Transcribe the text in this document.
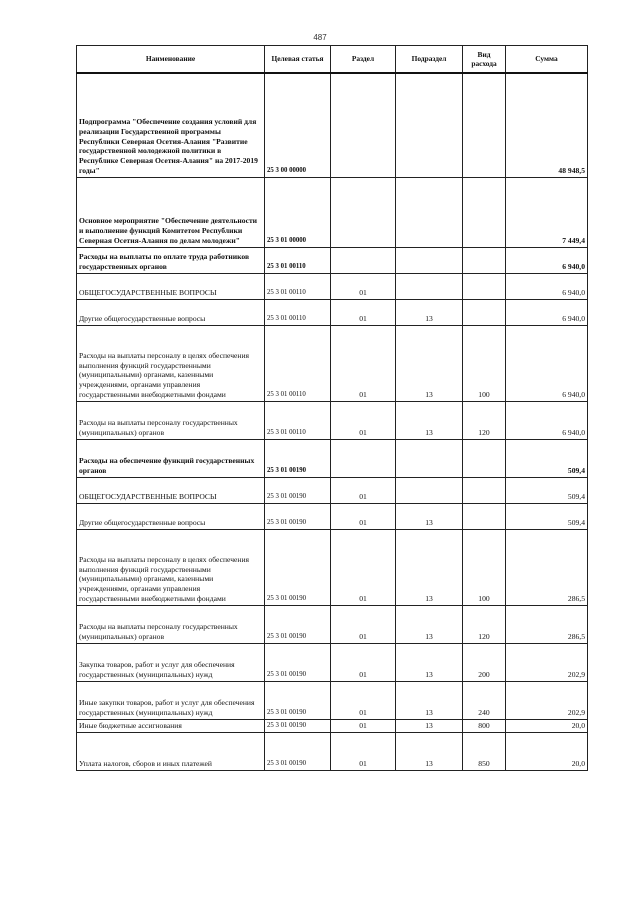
487
Наименование	Целевая статья	Раздел	Подраздел	Вид расхода	Сумма
Подпрограмма "Обеспечение создания условий для реализации Государственной программы Республики Северная Осетия-Алания "Развитие государственной молодежной политики в Республике Северная Осетия-Алания" на 2017-2019 годы"	25 3 00 00000				48 948,5
Основное мероприятие "Обеспечение деятельности и выполнение функций Комитетом Республики Северная Осетия-Алания по делам молодежи"	25 3 01 00000				7 449,4
Расходы на выплаты по оплате труда работников государственных органов	25 3 01 00110				6 940,0
ОБЩЕГОСУДАРСТВЕННЫЕ ВОПРОСЫ	25 3 01 00110	01			6 940,0
Другие общегосударственные вопросы	25 3 01 00110	01	13		6 940,0
Расходы на выплаты персоналу в целях обеспечения выполнения функций государственными (муниципальными) органами, казенными учреждениями, органами управления государственными внебюджетными фондами	25 3 01 00110	01	13	100	6 940,0
Расходы на выплаты персоналу государственных (муниципальных) органов	25 3 01 00110	01	13	120	6 940,0
Расходы на обеспечение функций государственных органов	25 3 01 00190				509,4
ОБЩЕГОСУДАРСТВЕННЫЕ ВОПРОСЫ	25 3 01 00190	01			509,4
Другие общегосударственные вопросы	25 3 01 00190	01	13		509,4
Расходы на выплаты персоналу в целях обеспечения выполнения функций государственными (муниципальными) органами, казенными учреждениями, органами управления государственными внебюджетными фондами	25 3 01 00190	01	13	100	286,5
Расходы на выплаты персоналу государственных (муниципальных) органов	25 3 01 00190	01	13	120	286,5
Закупка товаров, работ и услуг для обеспечения государственных (муниципальных) нужд	25 3 01 00190	01	13	200	202,9
Иные закупки товаров, работ и услуг для обеспечения государственных (муниципальных) нужд	25 3 01 00190	01	13	240	202,9
Иные бюджетные ассигнования	25 3 01 00190	01	13	800	20,0
Уплата налогов, сборов и иных платежей	25 3 01 00190	01	13	850	20,0
